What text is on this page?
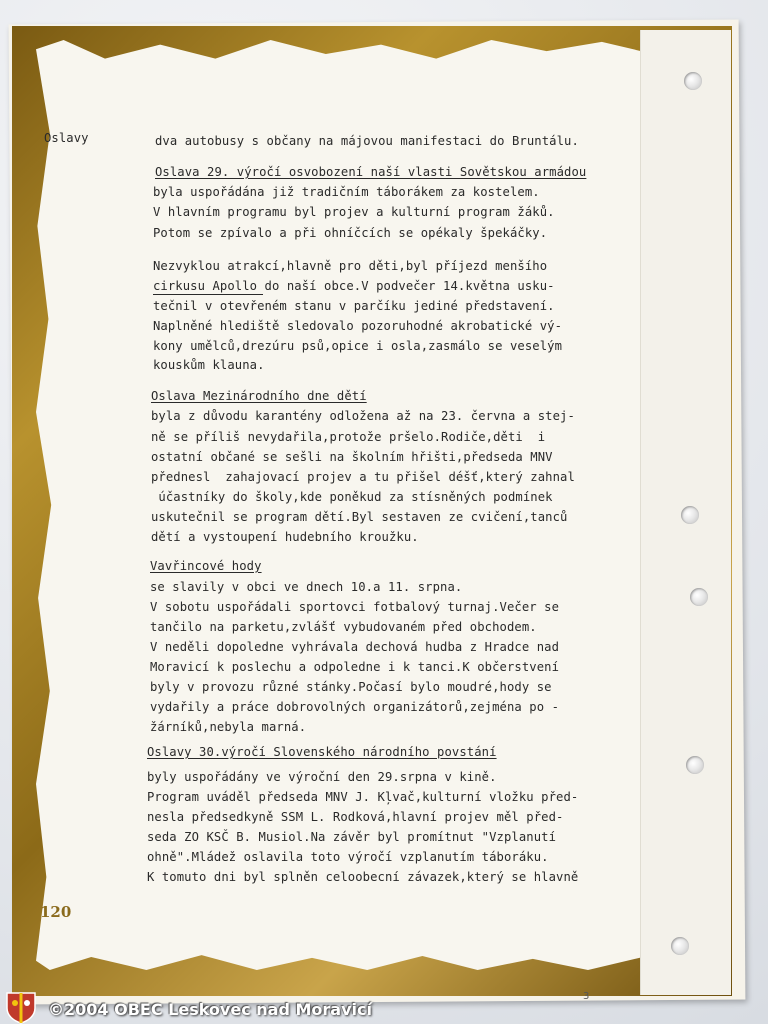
Oslavy	dva autobusy s občany na májovou manifestaci do Bruntálu.
Oslava 29. výročí osvobození naší vlasti Sovětskou armádou
byla uspořádána již tradičním táborákem za kostelem.
V hlavním programu byl projev a kulturní program žáků.
Potom se zpívalo a při ohníčcích se opékaly špekáčky.
Nezvyklou atrakcí,hlavně pro děti,byl příjezd menšího
cirkusu Apollo do naší obce.V podvečer 14.května usku-
tečnil v otevřeném stanu v parčíku jediné představení.
Naplněné hlediště sledovalo pozoruhodné akrobatické vý-
kony umělců,drezúru psů,opice i osla,zasmálo se veselým
kouskům klauna.
Oslava Mezinárodního dne dětí
byla z důvodu karantény odložena až na 23. června a stej-
ně se příliš nevydařila,protože pršelo.Rodiče,děti  i
ostatní občané se sešli na školním hřišti,předseda MNV
přednesl  zahajovací projev a tu přišel déšť,který zahnal
účastníky do školy,kde poněkud za stísněných podmínek
uskutečnil se program dětí.Byl sestaven ze cvičení,tanců
dětí a vystoupení hudebního kroužku.
Vavřincové hody
se slavily v obci ve dnech 10.a 11. srpna.
V sobotu uspořádali sportovci fotbalový turnaj.Večer se
tančilo na parketu,zvlášť vybudovaném před obchodem.
V neděli dopoledne vyhrávala dechová hudba z Hradce nad
Moravicí k poslechu a odpoledne i k tanci.K občerstvení
byly v provozu různé stánky.Počasí bylo moudré,hody se
vydařily a práce dobrovolných organizátorů,zejména po -
žárníků,nebyla marná.
Oslavy 30.výročí Slovenského národního povstání
byly uspořádány ve výroční den 29.srpna v kině.
Program uváděl předseda MNV J. Kļvač,kulturní vložku před-
nesla předsedkyně SSM L. Rodková,hlavní projev měl před-
seda ZO KSČ B. Musiol.Na závěr byl promítnut "Vzplanutí
ohně".Mládež oslavila toto výročí vzplanutím táboráku.
K tomuto dni byl splněn celoobecní závazek,který se hlavně
120
3
©2004 OBEC Leskovec nad Moravicí
